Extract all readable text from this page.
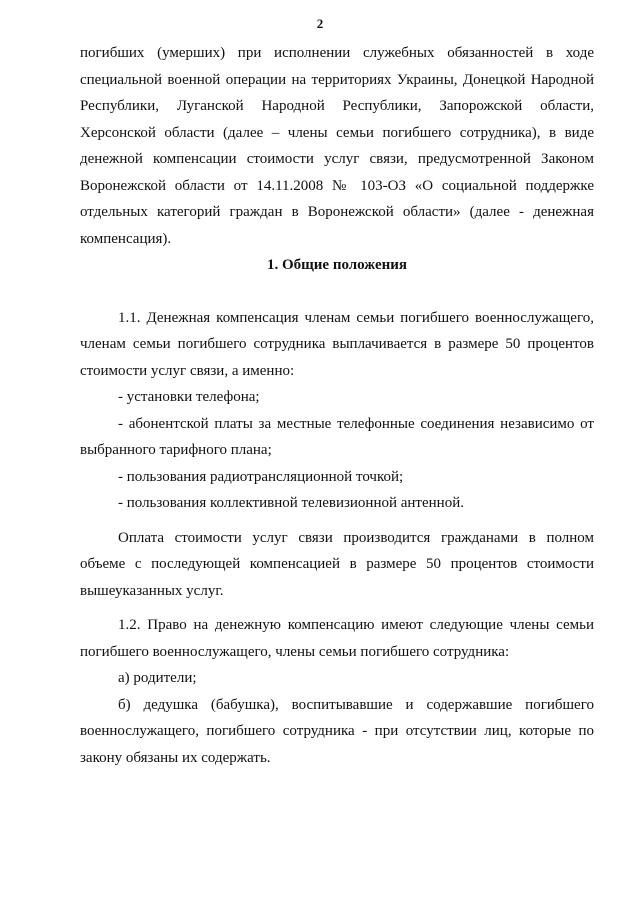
2

погибших (умерших) при исполнении служебных обязанностей в ходе специальной военной операции на территориях Украины, Донецкой Народной Республики, Луганской Народной Республики, Запорожской области, Херсонской области (далее – члены семьи погибшего сотрудника), в виде денежной компенсации стоимости услуг связи, предусмотренной Законом Воронежской области от 14.11.2008 № 103-ОЗ «О социальной поддержке отдельных категорий граждан в Воронежской области» (далее - денежная компенсация).

1. Общие положения

1.1. Денежная компенсация членам семьи погибшего военнослужащего, членам семьи погибшего сотрудника выплачивается в размере 50 процентов стоимости услуг связи, а именно:

- установки телефона;

- абонентской платы за местные телефонные соединения независимо от выбранного тарифного плана;

- пользования радиотрансляционной точкой;

- пользования коллективной телевизионной антенной.

Оплата стоимости услуг связи производится гражданами в полном объеме с последующей компенсацией в размере 50 процентов стоимости вышеуказанных услуг.

1.2. Право на денежную компенсацию имеют следующие члены семьи погибшего военнослужащего, члены семьи погибшего сотрудника:

а) родители;

б) дедушка (бабушка), воспитывавшие и содержавшие погибшего военнослужащего, погибшего сотрудника - при отсутствии лиц, которые по закону обязаны их содержать.
